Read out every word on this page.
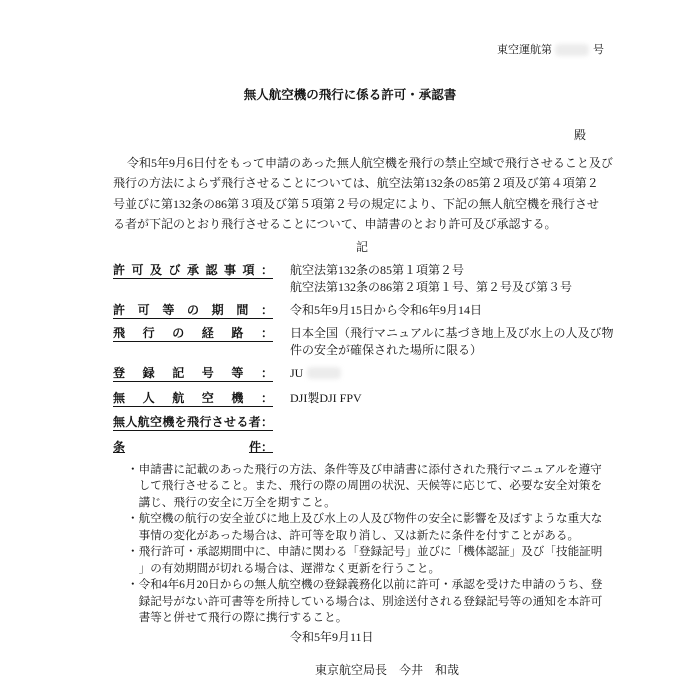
東空運航第	号
無人航空機の飛行に係る許可・承認書
殿
令和5年9月6日付をもって申請のあった無人航空機を飛行の禁止空域で飛行させること及び
飛行の方法によらず飛行させることについては、航空法第132条の85第２項及び第４項第２
号並びに第132条の86第３項及び第５項第２号の規定により、下記の無人航空機を飛行させ
る者が下記のとおり飛行させることについて、申請書のとおり許可及び承認する。
記
許可及び承認事項： 航空法第132条の85第１項第２号
航空法第132条の86第２項第１号、第２号及び第３号
許可等の期間： 令和5年9月15日から令和6年9月14日
飛行の経路： 日本全国（飛行マニュアルに基づき地上及び水上の人及び物
件の安全が確保された場所に限る）
登録記号等： JU
無人航空機： DJI製DJI FPV
無人航空機を飛行させる者：
条件：
・申請書に記載のあった飛行の方法、条件等及び申請書に添付された飛行マニュアルを遵守
して飛行させること。また、飛行の際の周囲の状況、天候等に応じて、必要な安全対策を
講じ、飛行の安全に万全を期すこと。
・航空機の航行の安全並びに地上及び水上の人及び物件の安全に影響を及ぼすような重大な
事情の変化があった場合は、許可等を取り消し、又は新たに条件を付すことがある。
・飛行許可・承認期間中に、申請に関わる「登録記号」並びに「機体認証」及び「技能証明
」の有効期間が切れる場合は、遅滞なく更新を行うこと。
・令和4年6月20日からの無人航空機の登録義務化以前に許可・承認を受けた申請のうち、登
録記号がない許可書等を所持している場合は、別途送付される登録記号等の通知を本許可
書等と併せて飛行の際に携行すること。
令和5年9月11日
東京航空局長　今井　和哉
